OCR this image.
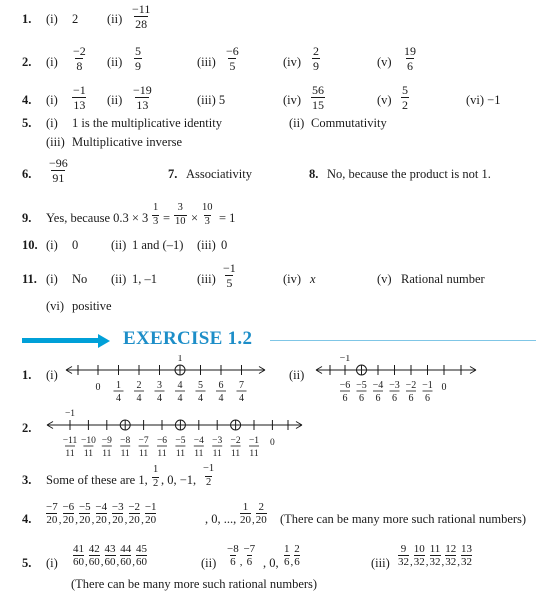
1. (i) 2 $(ii) \frac{-11}{28}$
2. $(i) \frac{-2}{8} (ii) \frac{5}{9}$	$(iii) \frac{-6}{5}$	$(iv) \frac{2}{9}$	$(v) \frac{19}{6}$
4. $(i) \frac{-1}{13} (ii) \frac{-19}{13}$	(iii) 5	$(iv) \frac{56}{15}$	$(v) \frac{5}{2}$	(vi) −1
5. (i) 1 is the multiplicative identity	(ii) Commutativity
(iii) Multiplicative inverse
6. $\frac{-96}{91}$	7. Associativity	8. No, because the product is not 1.
9. Yes, because $0.3 \times 3 \frac{1}{3} = \frac{3}{10} \times \frac{10}{3} = 1$
10. (i) 0	(ii) 1 and (–1) (iii) 0
11. (i) No (ii) 1, –1	$(iii) \frac{-1}{5}$	(iv) x	(v) Rational number
(vi) positive
EXERCISE 1.2
1. (i)	(ii)
1
4
2
4
3
4
4
4
5
4
6
4
7
4
0
1
−6
6
−5
6
−4
6
−3
6
−2
6
−1
6
0
−1
2.
−11
11
−10
11
−9
11
−8
11
−7
11
−6
11
−5
11
−4
11
−3
11
−2
11
−1
11
0
−1
3. Some of these are 1, $\frac{1}{2}$ , 0, −1, $\frac{-1}{2}$
4.
−7
20 ,
−6
20 ,
−5
20 ,
−4
20 ,
−3
20 ,
−2
20 ,
−1
20	, 0, ...,
1
20 ,
2
20 (There can be many more such rational numbers)
5. (i)
41
60 ,
42
60 ,
43
60 ,
44
60 ,
45
60	(ii)
−8
6 ,
−7
6 , 0,
1
6 ,
2
6	(iii)
9
32 ,
10
32 ,
11
32 ,
12
32 ,
13
32
(There can be many more such rational numbers)
